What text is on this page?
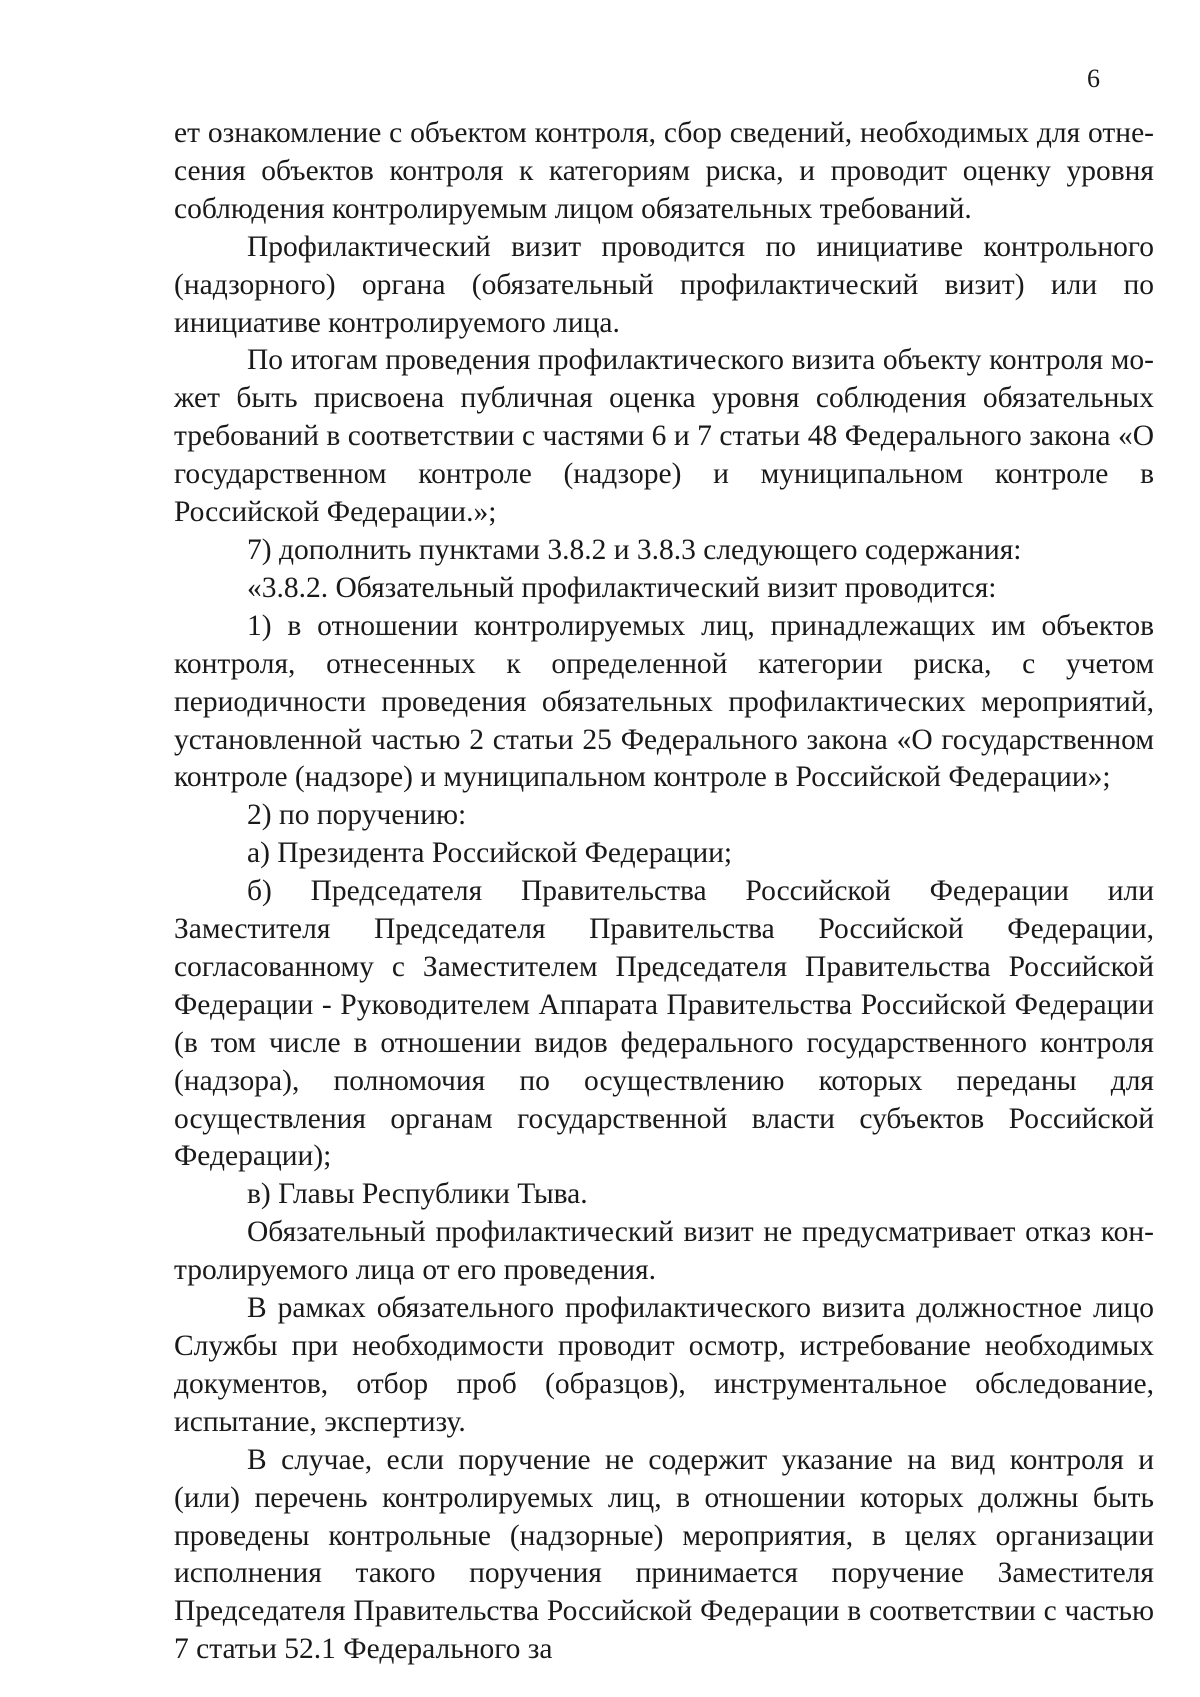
6

ет ознакомление с объектом контроля, сбор сведений, необходимых для отнесения объектов контроля к категориям риска, и проводит оценку уровня соблюдения контролируемым лицом обязательных требований.

Профилактический визит проводится по инициативе контрольного (надзорного) органа (обязательный профилактический визит) или по инициативе контролируемого лица.

По итогам проведения профилактического визита объекту контроля может быть присвоена публичная оценка уровня соблюдения обязательных требований в соответствии с частями 6 и 7 статьи 48 Федерального закона «О государственном контроле (надзоре) и муниципальном контроле в Российской Федерации.»;

7) дополнить пунктами 3.8.2 и 3.8.3 следующего содержания:

«3.8.2. Обязательный профилактический визит проводится:

1) в отношении контролируемых лиц, принадлежащих им объектов контроля, отнесенных к определенной категории риска, с учетом периодичности проведения обязательных профилактических мероприятий, установленной частью 2 статьи 25 Федерального закона «О государственном контроле (надзоре) и муниципальном контроле в Российской Федерации»;

2) по поручению:

а) Президента Российской Федерации;

б) Председателя Правительства Российской Федерации или Заместителя Председателя Правительства Российской Федерации, согласованному с Заместителем Председателя Правительства Российской Федерации - Руководителем Аппарата Правительства Российской Федерации (в том числе в отношении видов федерального государственного контроля (надзора), полномочия по осуществлению которых переданы для осуществления органам государственной власти субъектов Российской Федерации);

в) Главы Республики Тыва.

Обязательный профилактический визит не предусматривает отказ контролируемого лица от его проведения.

В рамках обязательного профилактического визита должностное лицо Службы при необходимости проводит осмотр, истребование необходимых документов, отбор проб (образцов), инструментальное обследование, испытание, экспертизу.

В случае, если поручение не содержит указание на вид контроля и (или) перечень контролируемых лиц, в отношении которых должны быть проведены контрольные (надзорные) мероприятия, в целях организации исполнения такого поручения принимается поручение Заместителя Председателя Правительства Российской Федерации в соответствии с частью 7 статьи 52.1 Федерального за
